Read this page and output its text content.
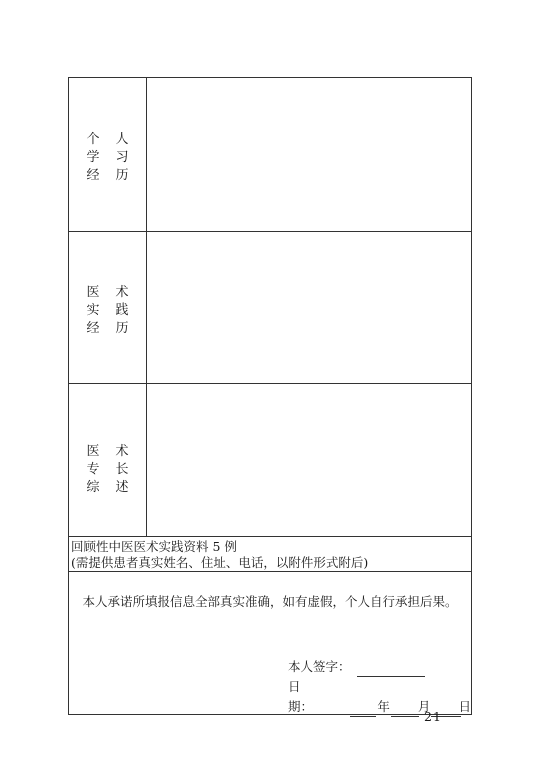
个 人
学 习
经 历
医 术
实 践
经 历
医 术
专 长
综 述
回顾性中医医术实践资料 5 例
(需提供患者真实姓名、住址、电话，以附件形式附后)
本人承诺所填报信息全部真实准确，如有虚假，个人自行承担后果。
本人签字：
日期：	年 月 日
21
